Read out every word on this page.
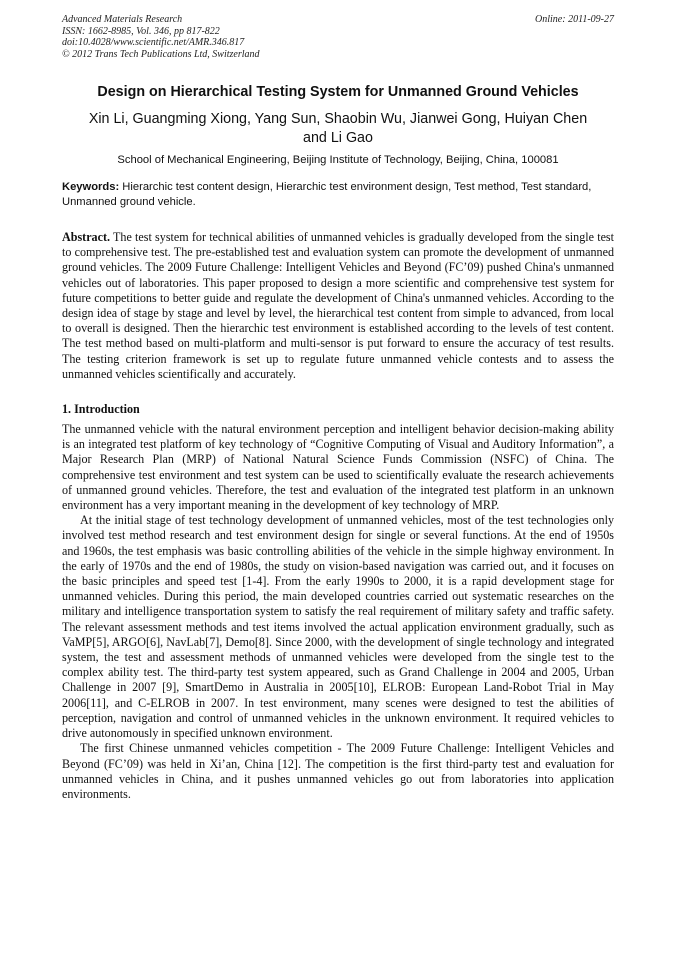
Advanced Materials Research	Online: 2011-09-27
ISSN: 1662-8985, Vol. 346, pp 817-822
doi:10.4028/www.scientific.net/AMR.346.817
© 2012 Trans Tech Publications Ltd, Switzerland
Design on Hierarchical Testing System for Unmanned Ground Vehicles
Xin Li, Guangming Xiong, Yang Sun, Shaobin Wu, Jianwei Gong, Huiyan Chen and Li Gao
School of Mechanical Engineering, Beijing Institute of Technology, Beijing, China, 100081
Keywords: Hierarchic test content design, Hierarchic test environment design, Test method, Test standard, Unmanned ground vehicle.
Abstract. The test system for technical abilities of unmanned vehicles is gradually developed from the single test to comprehensive test. The pre-established test and evaluation system can promote the development of unmanned ground vehicles. The 2009 Future Challenge: Intelligent Vehicles and Beyond (FC’09) pushed China's unmanned vehicles out of laboratories. This paper proposed to design a more scientific and comprehensive test system for future competitions to better guide and regulate the development of China's unmanned vehicles. According to the design idea of stage by stage and level by level, the hierarchical test content from simple to advanced, from local to overall is designed. Then the hierarchic test environment is established according to the levels of test content. The test method based on multi-platform and multi-sensor is put forward to ensure the accuracy of test results. The testing criterion framework is set up to regulate future unmanned vehicle contests and to assess the unmanned vehicles scientifically and accurately.
1. Introduction

The unmanned vehicle with the natural environment perception and intelligent behavior decision-making ability is an integrated test platform of key technology of “Cognitive Computing of Visual and Auditory Information”, a Major Research Plan (MRP) of National Natural Science Funds Commission (NSFC) of China. The comprehensive test environment and test system can be used to scientifically evaluate the research achievements of unmanned ground vehicles. Therefore, the test and evaluation of the integrated test platform in an unknown environment has a very important meaning in the development of key technology of MRP.

At the initial stage of test technology development of unmanned vehicles, most of the test technologies only involved test method research and test environment design for single or several functions. At the end of 1950s and 1960s, the test emphasis was basic controlling abilities of the vehicle in the simple highway environment. In the early of 1970s and the end of 1980s, the study on vision-based navigation was carried out, and it focuses on the basic principles and speed test [1-4]. From the early 1990s to 2000, it is a rapid development stage for unmanned vehicles. During this period, the main developed countries carried out systematic researches on the military and intelligence transportation system to satisfy the real requirement of military safety and traffic safety. The relevant assessment methods and test items involved the actual application environment gradually, such as VaMP[5], ARGO[6], NavLab[7], Demo[8]. Since 2000, with the development of single technology and integrated system, the test and assessment methods of unmanned vehicles were developed from the single test to the complex ability test. The third-party test system appeared, such as Grand Challenge in 2004 and 2005, Urban Challenge in 2007 [9], SmartDemo in Australia in 2005[10], ELROB: European Land-Robot Trial in May 2006[11], and C-ELROB in 2007. In test environment, many scenes were designed to test the abilities of perception, navigation and control of unmanned vehicles in the unknown environment. It required vehicles to drive autonomously in specified unknown environment.

The first Chinese unmanned vehicles competition - The 2009 Future Challenge: Intelligent Vehicles and Beyond (FC’09) was held in Xi’an, China [12]. The competition is the first third-party test and evaluation for unmanned vehicles in China, and it pushes unmanned vehicles go out from laboratories into application environments.
